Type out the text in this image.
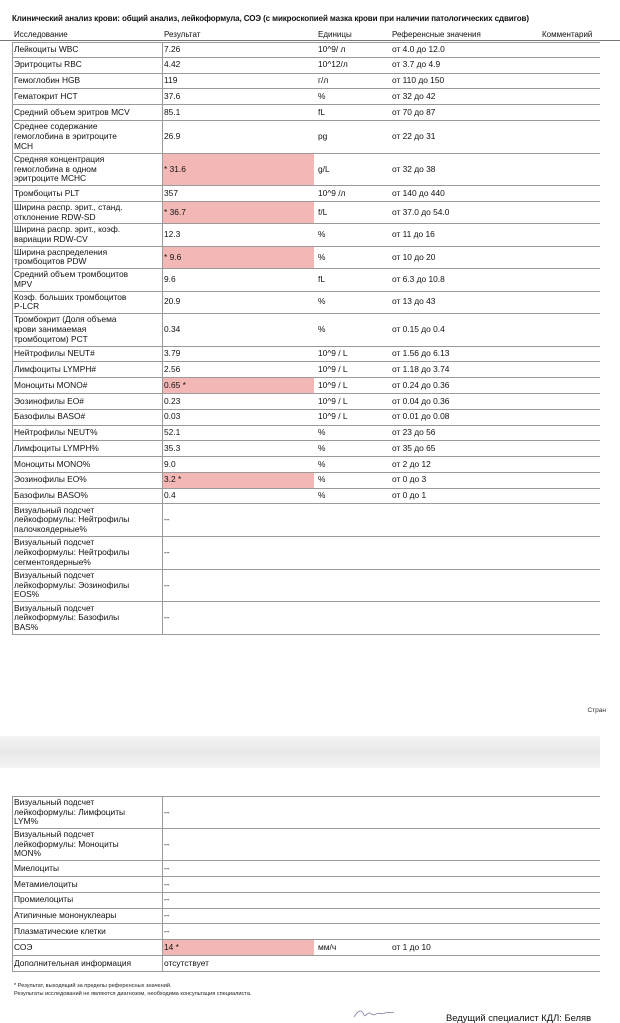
Клинический анализ крови: общий анализ, лейкоформула, СОЭ (с микроскопией мазка крови при наличии патологических сдвигов)
Исследование	Результат	Единицы	Референсные значения	Комментарий
Лейкоциты WBC	7.26	10^9/ л	от 4.0 до 12.0
Эритроциты RBC	4.42	10^12/л	от 3.7 до 4.9
Гемоглобин HGB	119	г/л	от 110 до 150
Гематокрит HCT	37.6	%	от 32 до 42
Средний объем эритров MCV	85.1	fL	от 70 до 87
Среднее содержание
гемоглобина в эритроците
MCH
26.9	pg	от 22 до 31
Средняя концентрация
гемоглобина в одном
эритроците MCHC
* 31.6	g/L	от 32 до 38
Тромбоциты PLT	357	10^9 /л	от 140 до 440
Ширина распр. эрит., станд.
отклонение RDW-SD	* 36.7	f/L	от 37.0 до 54.0
Ширина распр. эрит., коэф.
вариации RDW-CV	12.3	%	от 11 до 16
Ширина распределения
тромбоцитов PDW	* 9.6	%	от 10 до 20
Средний объем тромбоцитов
MPV	9.6	fL	от 6.3 до 10.8
Коэф. больших тромбоцитов
P-LCR	20.9	%	от 13 до 43
Тромбокрит (Доля объема
крови занимаемая
тромбоцитом) PCT
0.34	%	от 0.15 до 0.4
Нейтрофилы NEUT#	3.79	10^9 / L	от 1.56 до 6.13
Лимфоциты LYMPH#	2.56	10^9 / L	от 1.18 до 3.74
Моноциты MONO#	0.65 *	10^9 / L	от 0.24 до 0.36
Эозинофилы EO#	0.23	10^9 / L	от 0.04 до 0.36
Базофилы BASO#	0.03	10^9 / L	от 0.01 до 0.08
Нейтрофилы NEUT%	52.1	%	от 23 до 56
Лимфоциты LYMPH%	35.3	%	от 35 до 65
Моноциты MONO%	9.0	%	от 2 до 12
Эозинофилы EO%	3.2 *	%	от 0 до 3
Базофилы BASO%	0.4	%	от 0 до 1
Визуальный подсчет
лейкоформулы: Нейтрофилы
палочкоядерные%
--
Визуальный подсчет
лейкоформулы: Нейтрофилы
сегментоядерные%
--
Визуальный подсчет
лейкоформулы: Эозинофилы
EOS%
--
Визуальный подсчет
лейкоформулы: Базофилы
BAS%
--
Стран
Визуальный подсчет
лейкоформулы: Лимфоциты
LYM%
--
Визуальный подсчет
лейкоформулы: Моноциты
MON%
--
Миелоциты	--
Метамиелоциты	--
Промиелоциты	--
Атипичные мононуклеары	--
Плазматические клетки	--
СОЭ	14 *	мм/ч	от 1 до 10
Дополнительная информация	отсутствует
* Результат, выходящий за пределы референсных значений.
Результаты исследований не являются диагнозом, необходима консультация специалиста.
Ведущий специалист КДЛ: Беляв
